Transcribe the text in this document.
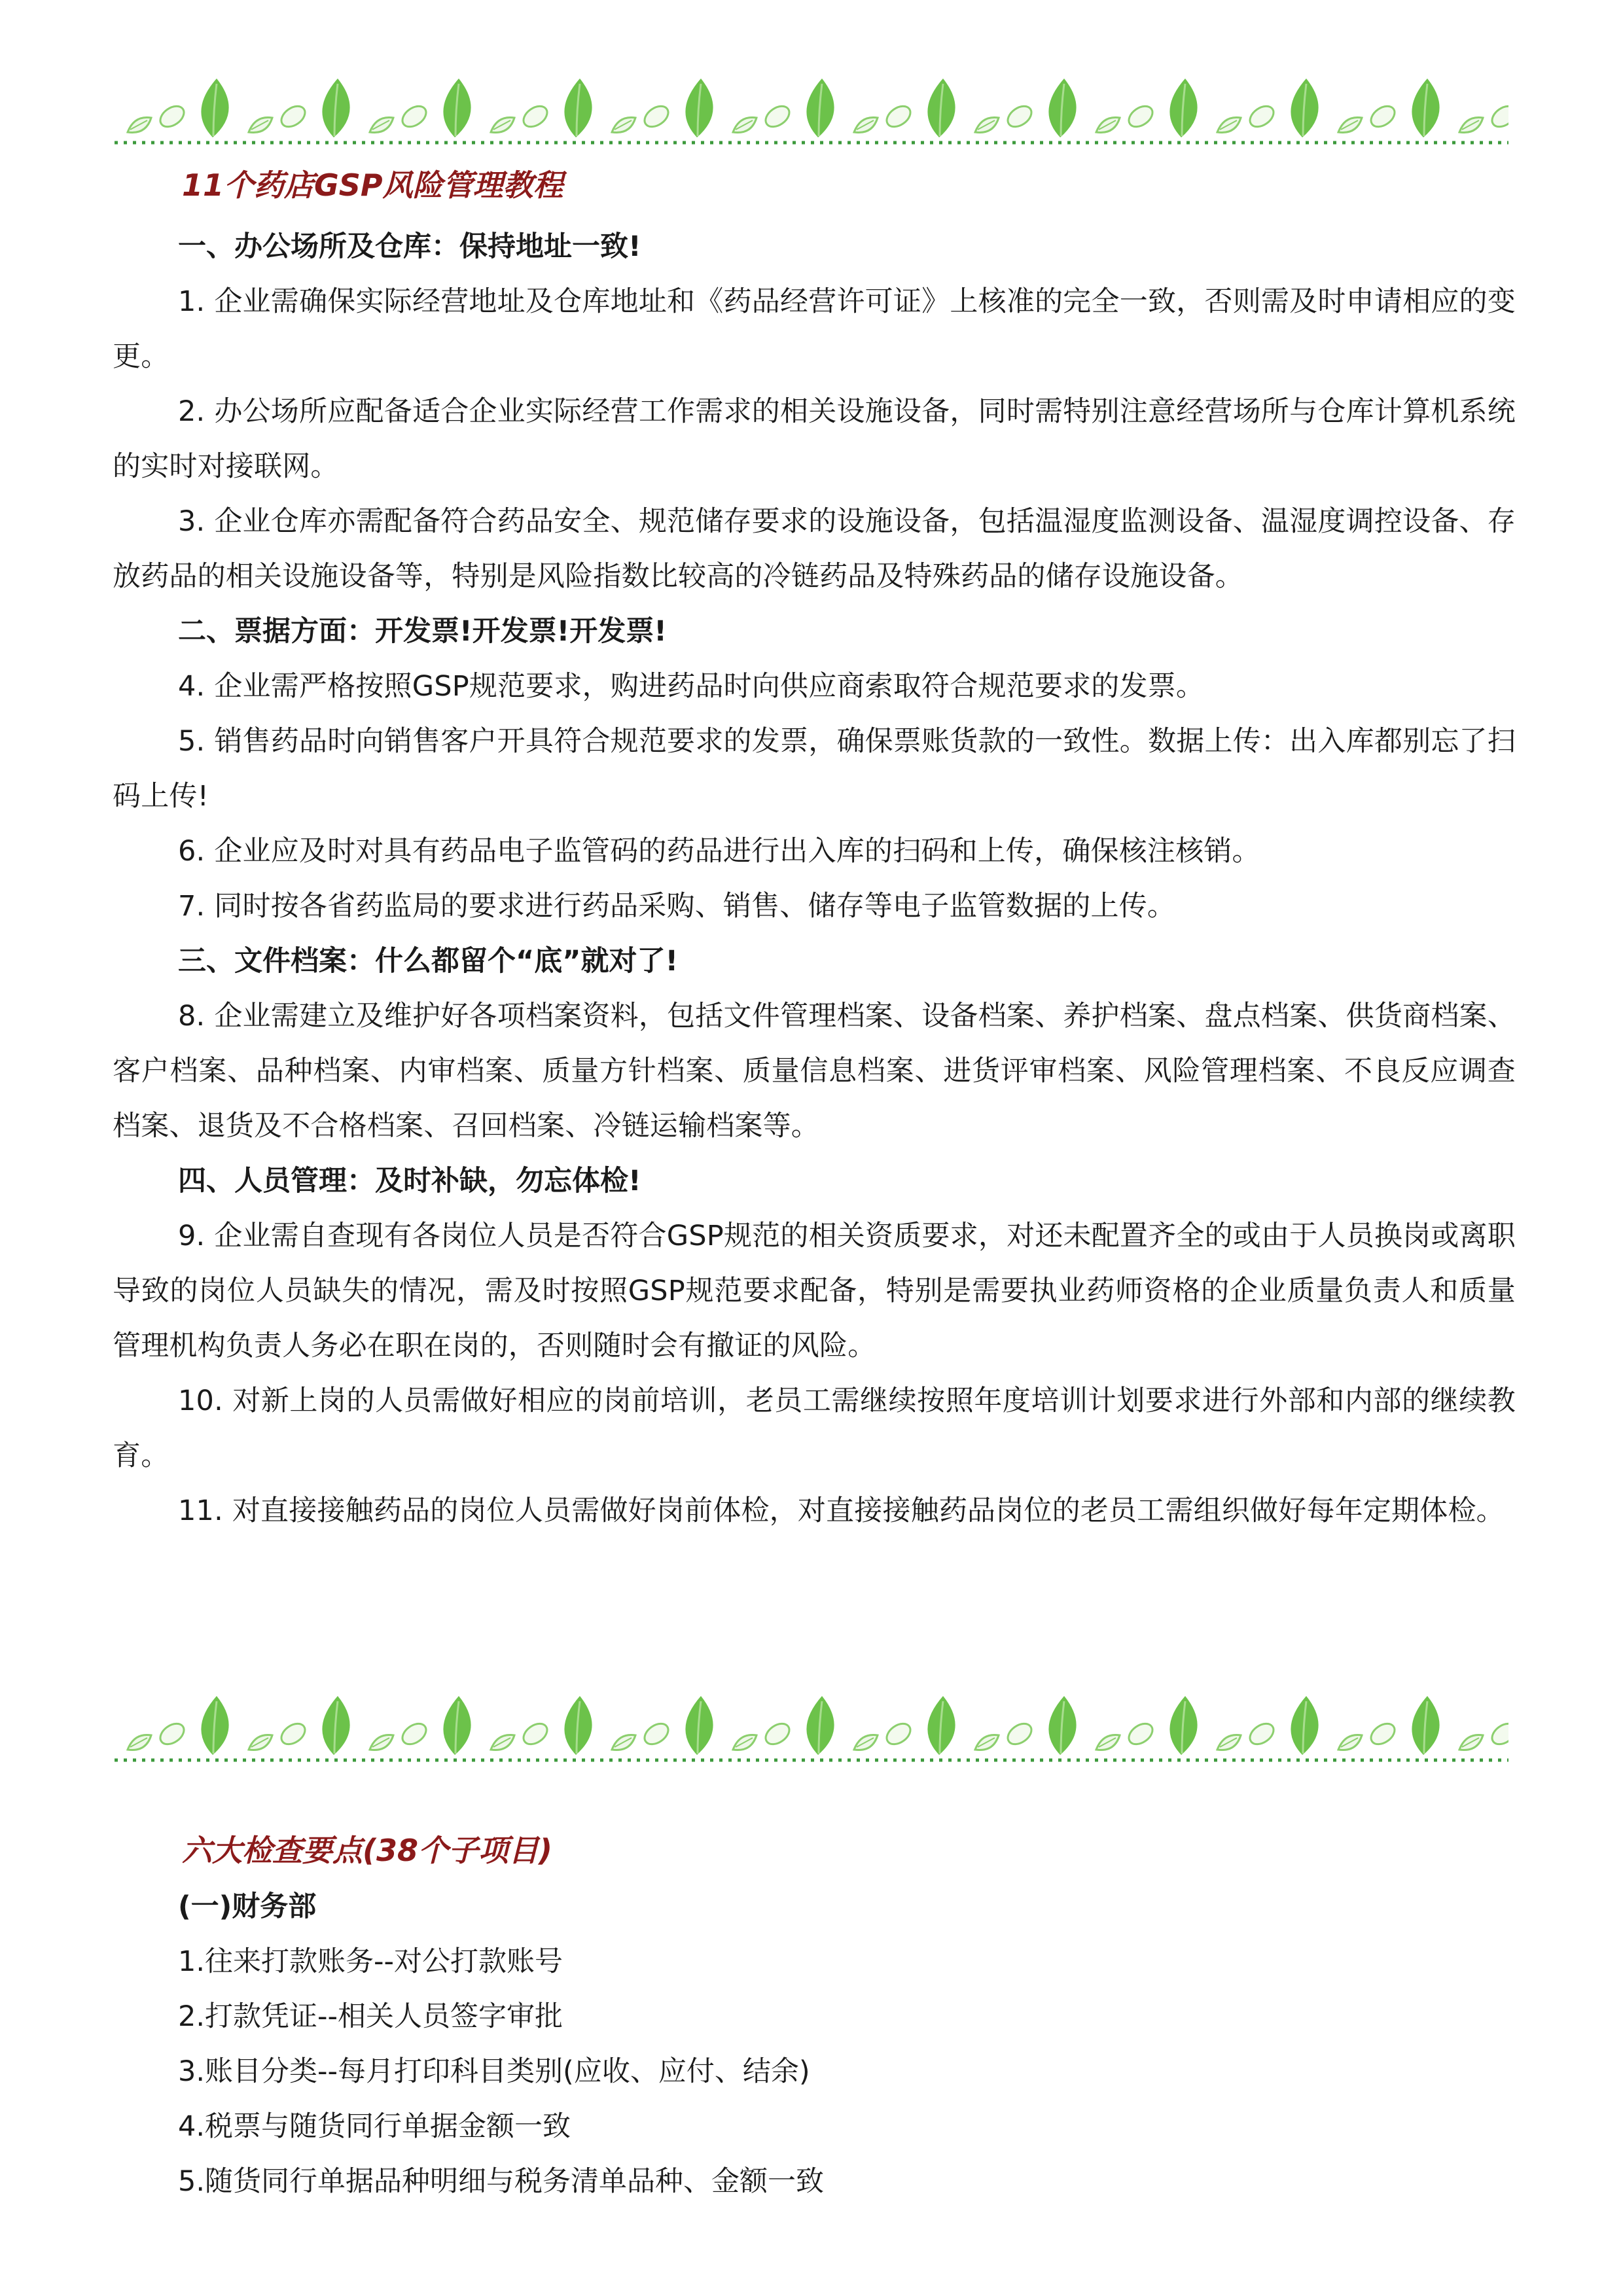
11个药店GSP风险管理教程

一、办公场所及仓库：保持地址一致!

1. 企业需确保实际经营地址及仓库地址和《药品经营许可证》上核准的完全一致，否则需及时申请相应的变更。

2. 办公场所应配备适合企业实际经营工作需求的相关设施设备，同时需特别注意经营场所与仓库计算机系统的实时对接联网。

3. 企业仓库亦需配备符合药品安全、规范储存要求的设施设备，包括温湿度监测设备、温湿度调控设备、存放药品的相关设施设备等，特别是风险指数比较高的冷链药品及特殊药品的储存设施设备。

二、票据方面：开发票!开发票!开发票!

4. 企业需严格按照GSP规范要求，购进药品时向供应商索取符合规范要求的发票。

5. 销售药品时向销售客户开具符合规范要求的发票，确保票账货款的一致性。数据上传：出入库都别忘了扫码上传!

6. 企业应及时对具有药品电子监管码的药品进行出入库的扫码和上传，确保核注核销。

7. 同时按各省药监局的要求进行药品采购、销售、储存等电子监管数据的上传。

三、文件档案：什么都留个“底”就对了!

8. 企业需建立及维护好各项档案资料，包括文件管理档案、设备档案、养护档案、盘点档案、供货商档案、客户档案、品种档案、内审档案、质量方针档案、质量信息档案、进货评审档案、风险管理档案、不良反应调查档案、退货及不合格档案、召回档案、冷链运输档案等。

四、人员管理：及时补缺，勿忘体检!

9. 企业需自查现有各岗位人员是否符合GSP规范的相关资质要求，对还未配置齐全的或由于人员换岗或离职导致的岗位人员缺失的情况，需及时按照GSP规范要求配备，特别是需要执业药师资格的企业质量负责人和质量管理机构负责人务必在职在岗的，否则随时会有撤证的风险。

10. 对新上岗的人员需做好相应的岗前培训，老员工需继续按照年度培训计划要求进行外部和内部的继续教育。

11. 对直接接触药品的岗位人员需做好岗前体检，对直接接触药品岗位的老员工需组织做好每年定期体检。

六大检查要点(38个子项目)

(一)财务部

1.往来打款账务--对公打款账号

2.打款凭证--相关人员签字审批

3.账目分类--每月打印科目类别(应收、应付、结余)

4.税票与随货同行单据金额一致

5.随货同行单据品种明细与税务清单品种、金额一致
